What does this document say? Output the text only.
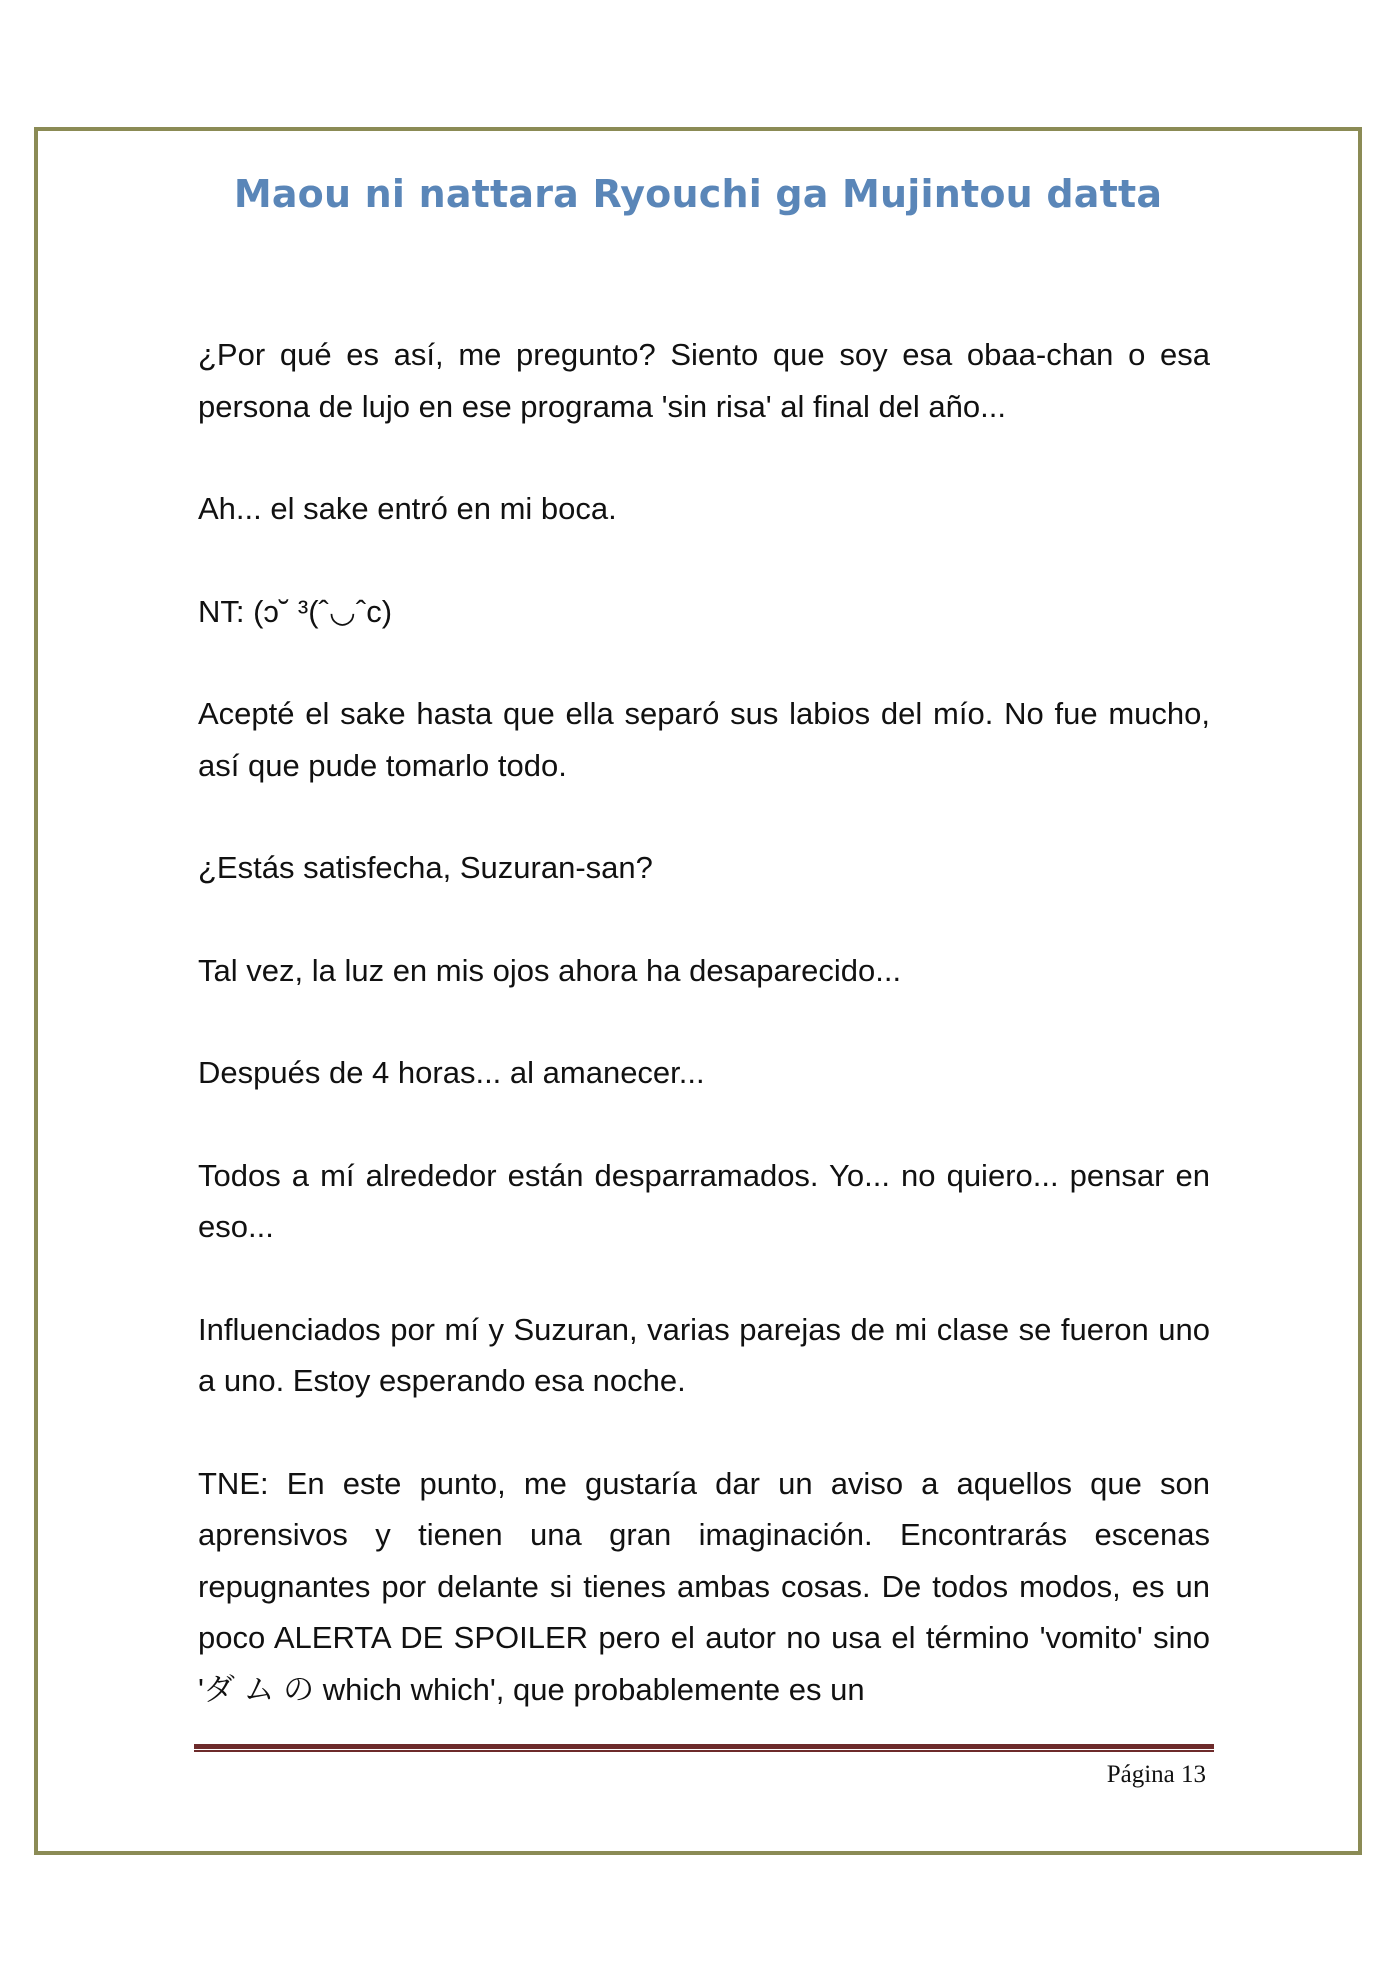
Maou ni nattara Ryouchi ga Mujintou datta

¿Por qué es así, me pregunto? Siento que soy esa obaa-chan o esa persona de lujo en ese programa 'sin risa' al final del año...

Ah... el sake entró en mi boca.

NT: (ɔ˘ ³(ˆ◡ˆc)

Acepté el sake hasta que ella separó sus labios del mío. No fue mucho, así que pude tomarlo todo.

¿Estás satisfecha, Suzuran-san?

Tal vez, la luz en mis ojos ahora ha desaparecido...

Después de 4 horas... al amanecer...

Todos a mí alrededor están desparramados. Yo... no quiero... pensar en eso...

Influenciados por mí y Suzuran, varias parejas de mi clase se fueron uno a uno. Estoy esperando esa noche.

TNE: En este punto, me gustaría dar un aviso a aquellos que son aprensivos y tienen una gran imaginación. Encontrarás escenas repugnantes por delante si tienes ambas cosas. De todos modos, es un poco ALERTA DE SPOILER pero el autor no usa el término 'vomito' sino 'ダ ム の which which', que probablemente es un

Página 13
